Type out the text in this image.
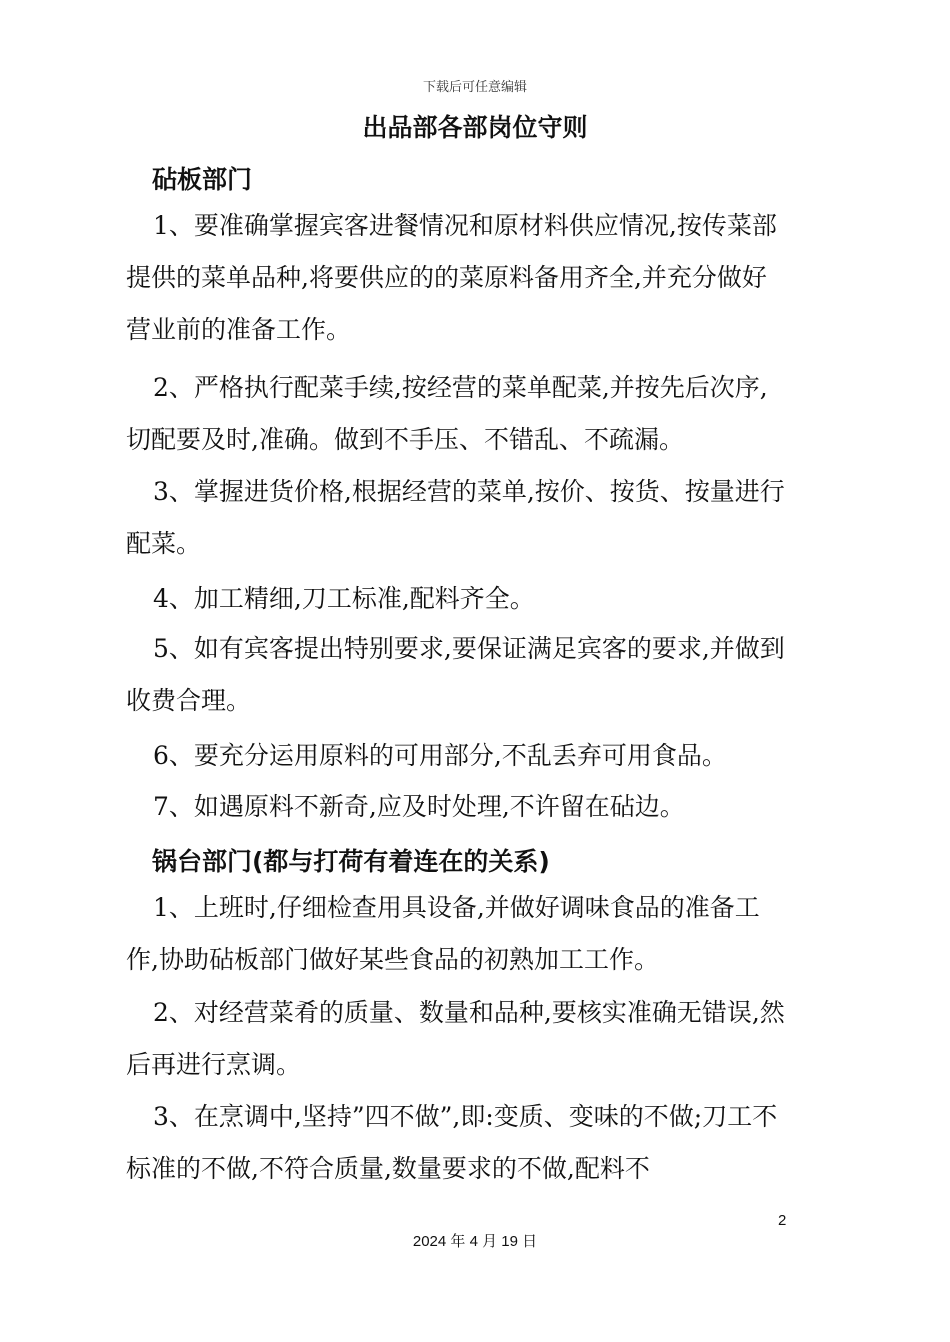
下载后可任意编辑
出品部各部岗位守则
砧板部门

1、要准确掌握宾客进餐情况和原材料供应情况,按传菜部提供的菜单品种,将要供应的的菜原料备用齐全,并充分做好营业前的准备工作。

2、严格执行配菜手续,按经营的菜单配菜,并按先后次序,切配要及时,准确。做到不手压、不错乱、不疏漏。

3、掌握进货价格,根据经营的菜单,按价、按货、按量进行配菜。

4、加工精细,刀工标准,配料齐全。

5、如有宾客提出特别要求,要保证满足宾客的要求,并做到收费合理。

6、要充分运用原料的可用部分,不乱丢弃可用食品。

7、如遇原料不新奇,应及时处理,不许留在砧边。

锅台部门(都与打荷有着连在的关系)

1、上班时,仔细检查用具设备,并做好调味食品的准备工作,协助砧板部门做好某些食品的初熟加工工作。

2、对经营菜肴的质量、数量和品种,要核实准确无错误,然后再进行烹调。

3、在烹调中,坚持”四不做”,即:变质、变味的不做;刀工不标准的不做,不符合质量,数量要求的不做,配料不

2
2024 年 4 月 19 日
